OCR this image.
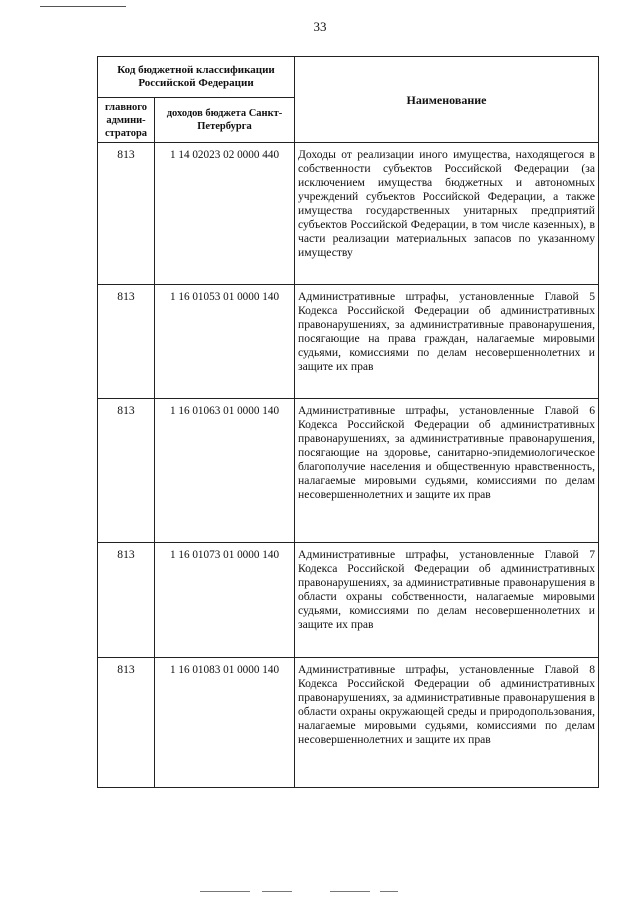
33
Код бюджетной классификации Российской Федерации		Наименование
главного админи-стратора	доходов бюджета Санкт-Петербурга	
813	1 14 02023 02 0000 440	Доходы от реализации иного имущества, находящегося в собственности субъектов Российской Федерации (за исключением имущества бюджетных и автономных учреждений субъектов Российской Федерации, а также имущества государственных унитарных предприятий субъектов Российской Федерации, в том числе казенных), в части реализации материальных запасов по указанному имуществу
813	1 16 01053 01 0000 140	Административные штрафы, установленные Главой 5 Кодекса Российской Федерации об административных правонарушениях, за административные правонарушения, посягающие на права граждан, налагаемые мировыми судьями, комиссиями по делам несовершеннолетних и защите их прав
813	1 16 01063 01 0000 140	Административные штрафы, установленные Главой 6 Кодекса Российской Федерации об административных правонарушениях, за административные правонарушения, посягающие на здоровье, санитарно-эпидемиологическое благополучие населения и общественную нравственность, налагаемые мировыми судьями, комиссиями по делам несовершеннолетних и защите их прав
813	1 16 01073 01 0000 140	Административные штрафы, установленные Главой 7 Кодекса Российской Федерации об административных правонарушениях, за административные правонарушения в области охраны собственности, налагаемые мировыми судьями, комиссиями по делам несовершеннолетних и защите их прав
813	1 16 01083 01 0000 140	Административные штрафы, установленные Главой 8 Кодекса Российской Федерации об административных правонарушениях, за административные правонарушения в области охраны окружающей среды и природопользования, налагаемые мировыми судьями, комиссиями по делам несовершеннолетних и защите их прав
